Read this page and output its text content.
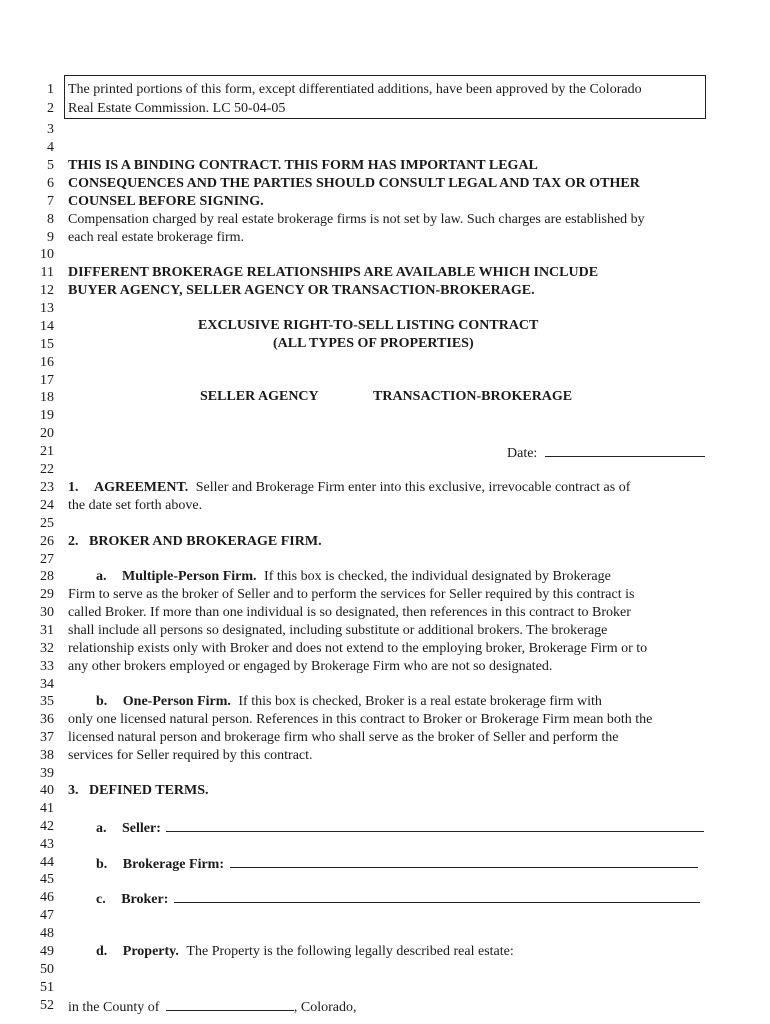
1
2
3
4
5
6
7
8
9
10
11
12
13
14
15
16
17
18
19
20
21
22
23
24
25
26
27
28
29
30
31
32
33
34
35
36
37
38
39
40
41
42
43
44
45
46
47
48
49
50
51
52
The printed portions of this form, except differentiated additions, have been approved by the Colorado
Real Estate Commission. LC 50-04-05
THIS IS A BINDING CONTRACT. THIS FORM HAS IMPORTANT LEGAL
CONSEQUENCES AND THE PARTIES SHOULD CONSULT LEGAL AND TAX OR OTHER
COUNSEL BEFORE SIGNING.
Compensation charged by real estate brokerage firms is not set by law. Such charges are established by
each real estate brokerage firm.
DIFFERENT BROKERAGE RELATIONSHIPS ARE AVAILABLE WHICH INCLUDE
BUYER AGENCY, SELLER AGENCY OR TRANSACTION-BROKERAGE.
EXCLUSIVE RIGHT-TO-SELL LISTING CONTRACT
(ALL TYPES OF PROPERTIES)
SELLER AGENCY	TRANSACTION-BROKERAGE
Date:
1. AGREEMENT. Seller and Brokerage Firm enter into this exclusive, irrevocable contract as of
the date set forth above.
2.   BROKER AND BROKERAGE FIRM.
a. Multiple-Person Firm. If this box is checked, the individual designated by Brokerage
Firm to serve as the broker of Seller and to perform the services for Seller required by this contract is
called Broker. If more than one individual is so designated, then references in this contract to Broker
shall include all persons so designated, including substitute or additional brokers. The brokerage
relationship exists only with Broker and does not extend to the employing broker, Brokerage Firm or to
any other brokers employed or engaged by Brokerage Firm who are not so designated.
b. One-Person Firm. If this box is checked, Broker is a real estate brokerage firm with
only one licensed natural person. References in this contract to Broker or Brokerage Firm mean both the
licensed natural person and brokerage firm who shall serve as the broker of Seller and perform the
services for Seller required by this contract.
3.   DEFINED TERMS.
a. Seller:
b. Brokerage Firm:
c. Broker:
d. Property. The Property is the following legally described real estate:
in the County of	, Colorado,
